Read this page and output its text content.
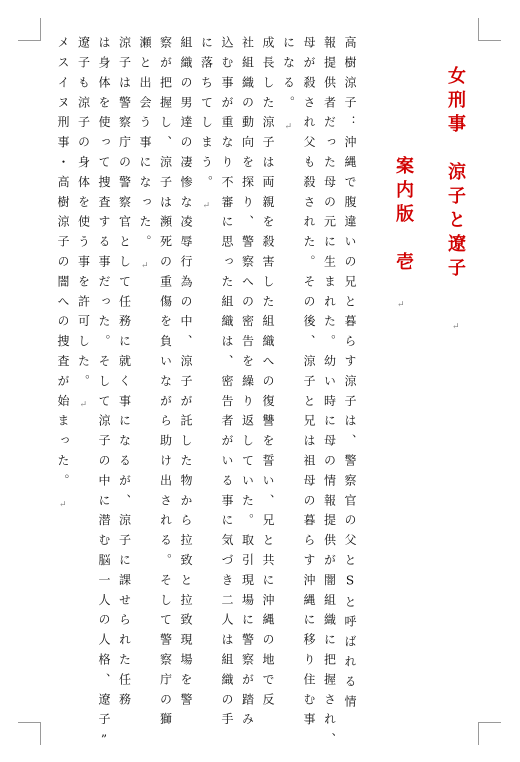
女刑事　涼子と遼子
↵
案内版　壱
↵
高樹涼子：沖縄で腹違いの兄と暮らす涼子は、警察官の父とSと呼ばれる情
報提供者だった母の元に生まれた。幼い時に母の情報提供が闇組織に把握され、
母が殺され父も殺された。その後、涼子と兄は祖母の暮らす沖縄に移り住む事
になる。
↵
成長した涼子は両親を殺害した組織への復讐を誓い、兄と共に沖縄の地で反
社組織の動向を探り、警察への密告を繰り返していた。取引現場に警察が踏み
込む事が重なり不審に思った組織は、密告者がいる事に気づき二人は組織の手
に落ちてしまう。
↵
組織の男達の凄惨な凌辱行為の中、涼子が託した物から拉致と拉致現場を警
察が把握し、涼子は瀕死の重傷を負いながら助け出される。そして警察庁の獅
瀬と出会う事になった。
↵
涼子は警察庁の警察官として任務に就く事になるが、涼子に課せられた任務
は身体を使って捜査する事だった。そして涼子の中に潜む脳一人の人格、遼子”
遼子も涼子の身体を使う事を許可した。
↵
メスイヌ刑事・高樹涼子の闇への捜査が始まった。
↵
